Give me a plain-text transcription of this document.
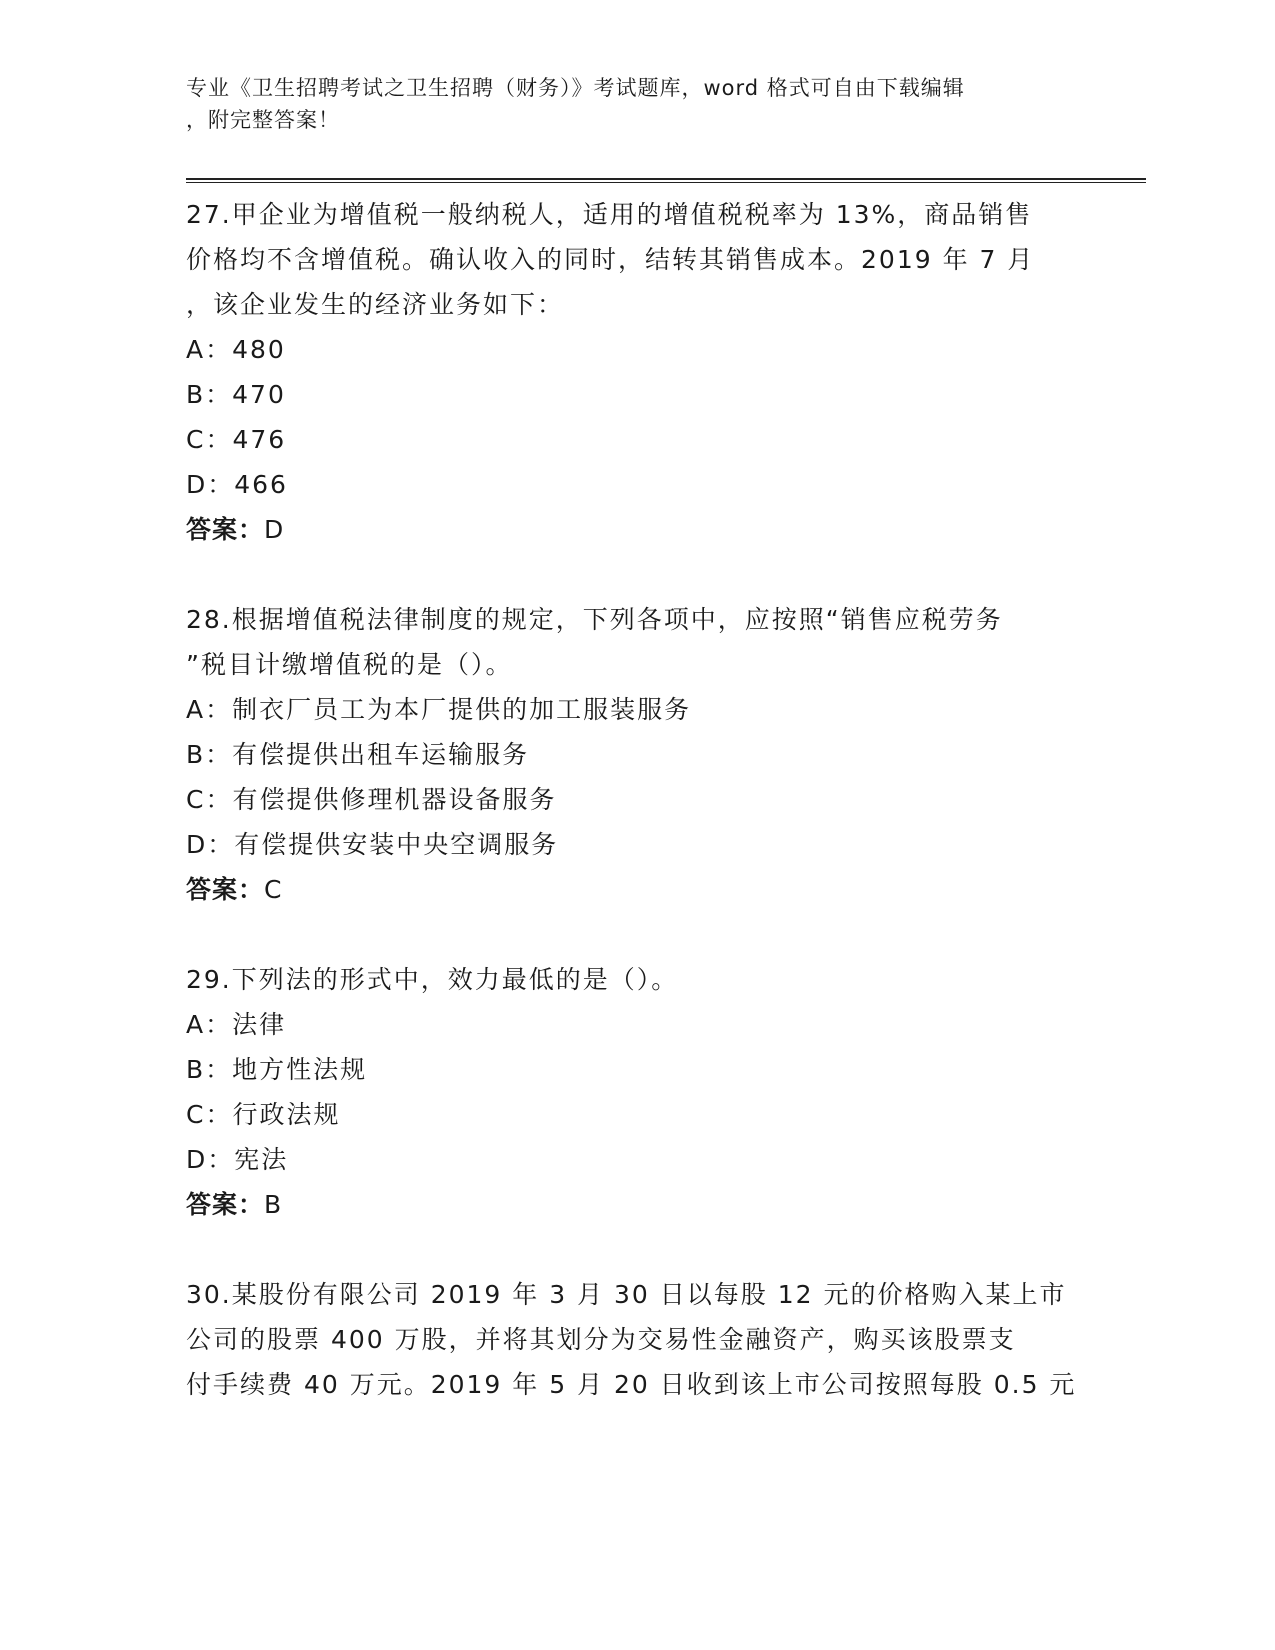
专业《卫生招聘考试之卫生招聘（财务）》考试题库，word 格式可自由下载编辑
，附完整答案！

27.甲企业为增值税一般纳税人，适用的增值税税率为 13%，商品销售

价格均不含增值税。确认收入的同时，结转其销售成本。2019 年 7 月

，该企业发生的经济业务如下：

A：480

B：470

C：476

D：466

答案：D

28.根据增值税法律制度的规定，下列各项中，应按照“销售应税劳务

”税目计缴增值税的是（）。

A：制衣厂员工为本厂提供的加工服装服务

B：有偿提供出租车运输服务

C：有偿提供修理机器设备服务

D：有偿提供安装中央空调服务

答案：C

29.下列法的形式中，效力最低的是（）。

A：法律

B：地方性法规

C：行政法规

D：宪法

答案：B

30.某股份有限公司 2019 年 3 月 30 日以每股 12 元的价格购入某上市

公司的股票 400 万股，并将其划分为交易性金融资产，购买该股票支

付手续费 40 万元。2019 年 5 月 20 日收到该上市公司按照每股 0.5 元
